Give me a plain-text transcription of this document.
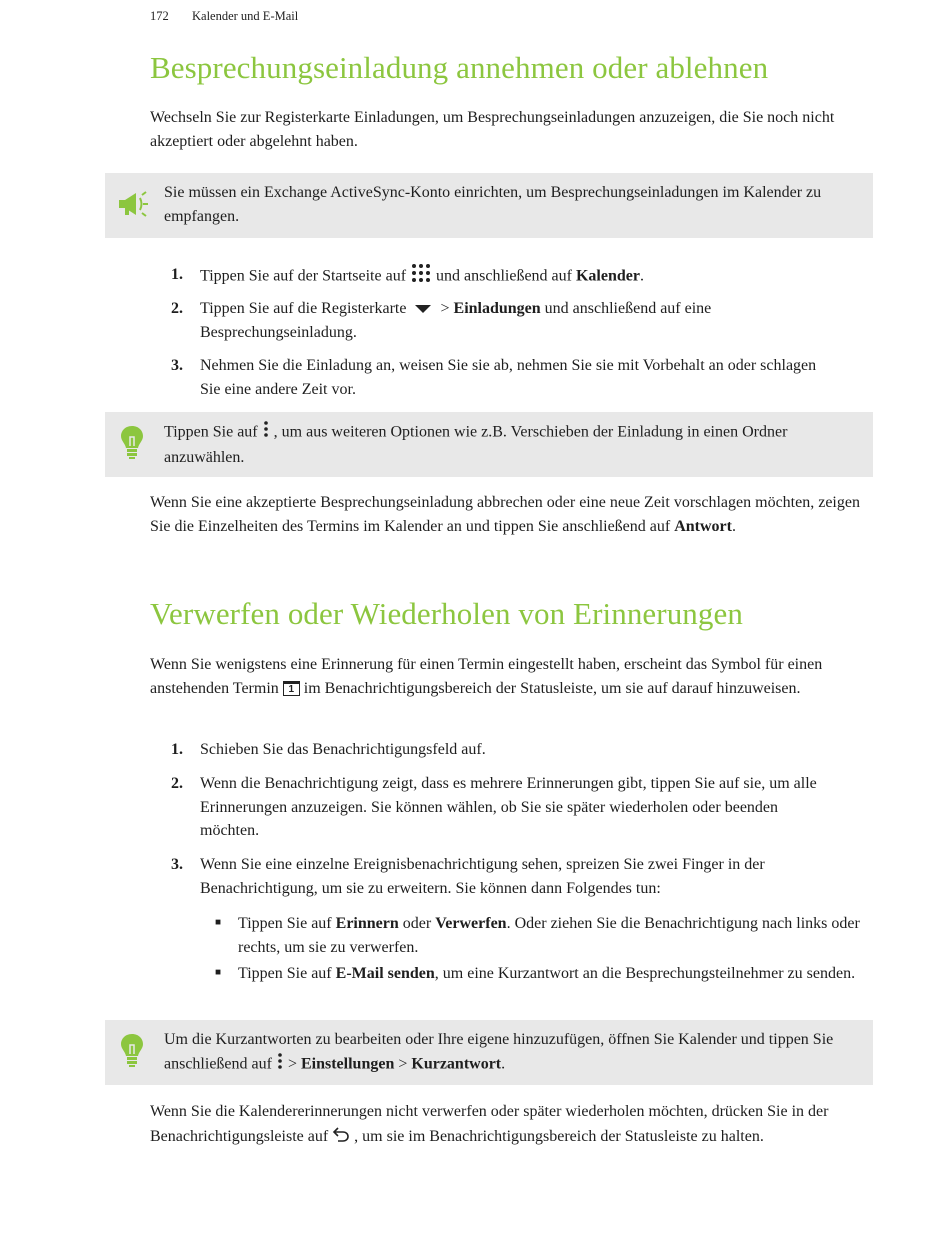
172 Kalender und E-Mail
Besprechungseinladung annehmen oder ablehnen

Wechseln Sie zur Registerkarte Einladungen, um Besprechungseinladungen anzuzeigen, die Sie noch nicht akzeptiert oder abgelehnt haben.

Sie müssen ein Exchange ActiveSync-Konto einrichten, um Besprechungseinladungen im Kalender zu empfangen.
1. Tippen Sie auf der Startseite auf  und anschließend auf Kalender.
2. Tippen Sie auf die Registerkarte  > Einladungen und anschließend auf eine Besprechungseinladung.
3. Nehmen Sie die Einladung an, weisen Sie sie ab, nehmen Sie sie mit Vorbehalt an oder schlagen Sie eine andere Zeit vor.
Tippen Sie auf  , um aus weiteren Optionen wie z.B. Verschieben der Einladung in einen Ordner anzuwählen.

Wenn Sie eine akzeptierte Besprechungseinladung abbrechen oder eine neue Zeit vorschlagen möchten, zeigen Sie die Einzelheiten des Termins im Kalender an und tippen Sie anschließend auf Antwort.

Verwerfen oder Wiederholen von Erinnerungen

Wenn Sie wenigstens eine Erinnerung für einen Termin eingestellt haben, erscheint das Symbol für einen anstehenden Termin 1 im Benachrichtigungsbereich der Statusleiste, um sie auf darauf hinzuweisen.

1. Schieben Sie das Benachrichtigungsfeld auf.
2. Wenn die Benachrichtigung zeigt, dass es mehrere Erinnerungen gibt, tippen Sie auf sie, um alle Erinnerungen anzuzeigen. Sie können wählen, ob Sie sie später wiederholen oder beenden möchten.
3. Wenn Sie eine einzelne Ereignisbenachrichtigung sehen, spreizen Sie zwei Finger in der Benachrichtigung, um sie zu erweitern. Sie können dann Folgendes tun:
■ Tippen Sie auf Erinnern oder Verwerfen. Oder ziehen Sie die Benachrichtigung nach links oder rechts, um sie zu verwerfen.
■ Tippen Sie auf E-Mail senden, um eine Kurzantwort an die Besprechungsteilnehmer zu senden.
Um die Kurzantworten zu bearbeiten oder Ihre eigene hinzuzufügen, öffnen Sie Kalender und tippen Sie anschließend auf  > Einstellungen > Kurzantwort.

Wenn Sie die Kalendererinnerungen nicht verwerfen oder später wiederholen möchten, drücken Sie in der Benachrichtigungsleiste auf  , um sie im Benachrichtigungsbereich der Statusleiste zu halten.
